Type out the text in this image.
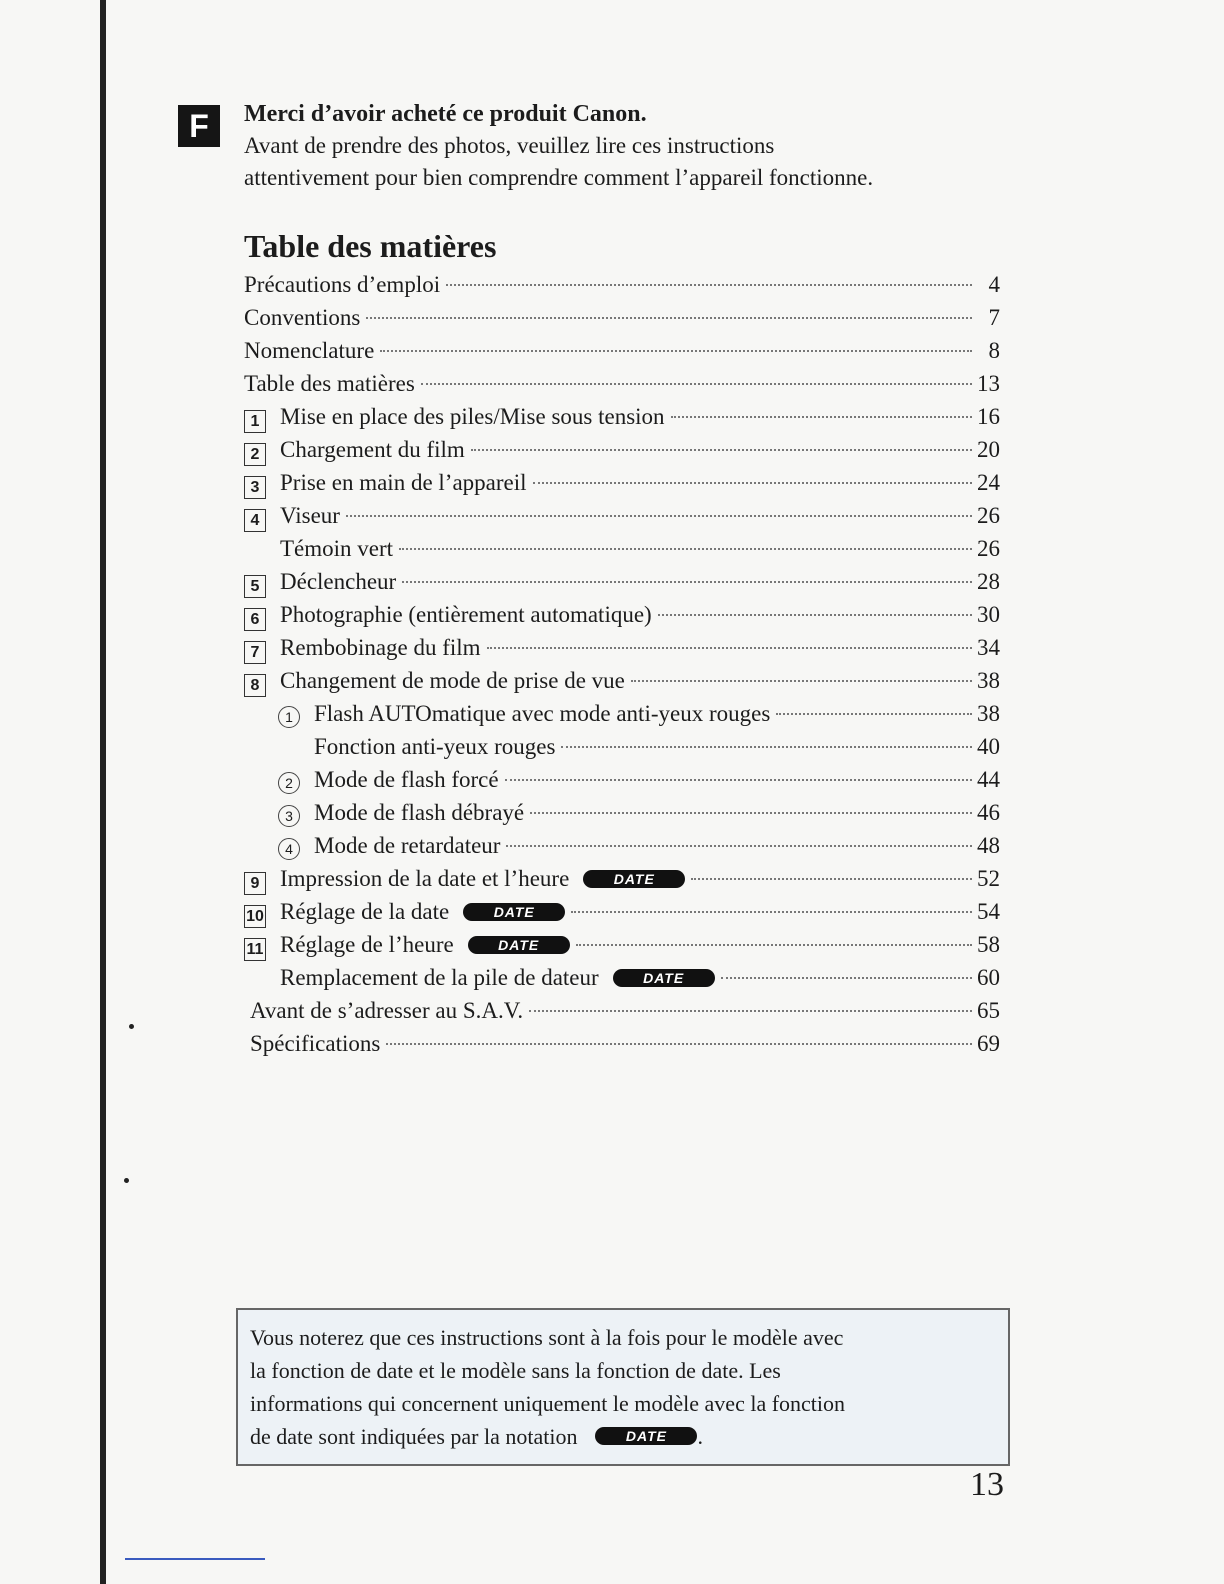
F	Merci d’avoir acheté ce produit Canon.
Avant de prendre des photos, veuillez lire ces instructions
attentivement pour bien comprendre comment l’appareil fonctionne.
Table des matières
Précautions d’emploi	4
Conventions	7
Nomenclature	8
Table des matières	13
1 Mise en place des piles/Mise sous tension	16
2 Chargement du film	20
3 Prise en main de l’appareil	24
4 Viseur	26
Témoin vert	26
5 Déclencheur	28
6 Photographie (entièrement automatique)	30
7 Rembobinage du film	34
8 Changement de mode de prise de vue	38
1 Flash AUTOmatique avec mode anti-yeux rouges	38
Fonction anti-yeux rouges	40
2 Mode de flash forcé	44
3 Mode de flash débrayé	46
4 Mode de retardateur	48
9 Impression de la date et l’heure	DATE	52
10 Réglage de la date	DATE	54
11 Réglage de l’heure	DATE	58
Remplacement de la pile de dateur	DATE	60
Avant de s’adresser au S.A.V.	65
Spécifications	69
Vous noterez que ces instructions sont à la fois pour le modèle avec
la fonction de date et le modèle sans la fonction de date. Les
informations qui concernent uniquement le modèle avec la fonction
de date sont indiquées par la notation	DATE .
13
